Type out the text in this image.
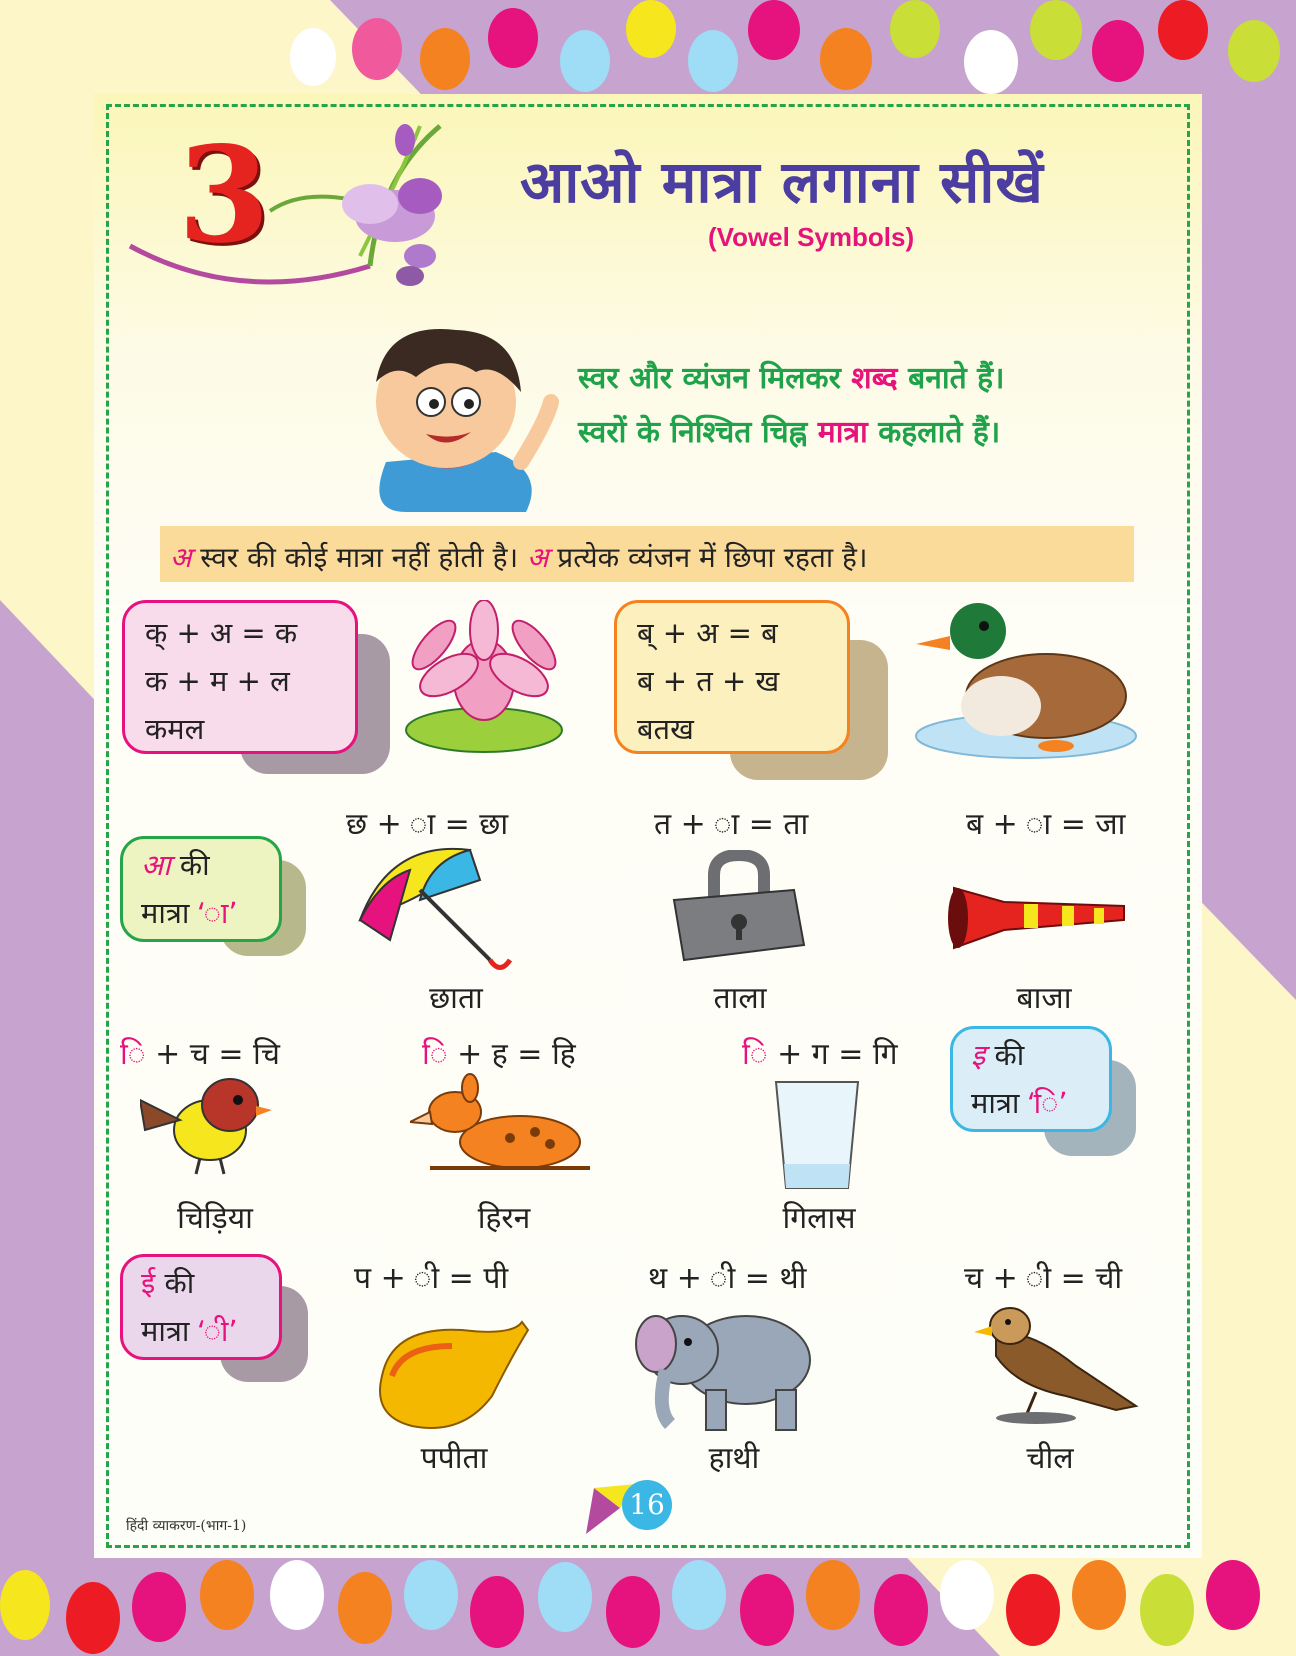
3	आओ मात्रा लगाना सीखें
(Vowel Symbols)
स्वर और व्यंजन मिलकर शब्द बनाते हैं।
स्वरों के निश्चित चिह्न मात्रा कहलाते हैं।
अ स्वर की कोई मात्रा नहीं होती है। अ प्रत्येक व्यंजन में छिपा रहता है।
क् + अ = क
क + म + ल
कमल
ब् + अ = ब
ब + त + ख
बतख
आ की
मात्रा ‘ा’
छ + = छा	त + = ता	ब + = जा
छाता	ताला	बाजा
ि + च = चि	ि + ह = हि	ि + ग = गि	इ की
मात्रा ‘ि’
चिड़िया	हिरन	गिलास
ई की
मात्रा ‘ी’
प + = पी	थ + = थी	च + = ची
पपीता	हाथी	चील
हिंदी व्याकरण-(भाग-1)
16
